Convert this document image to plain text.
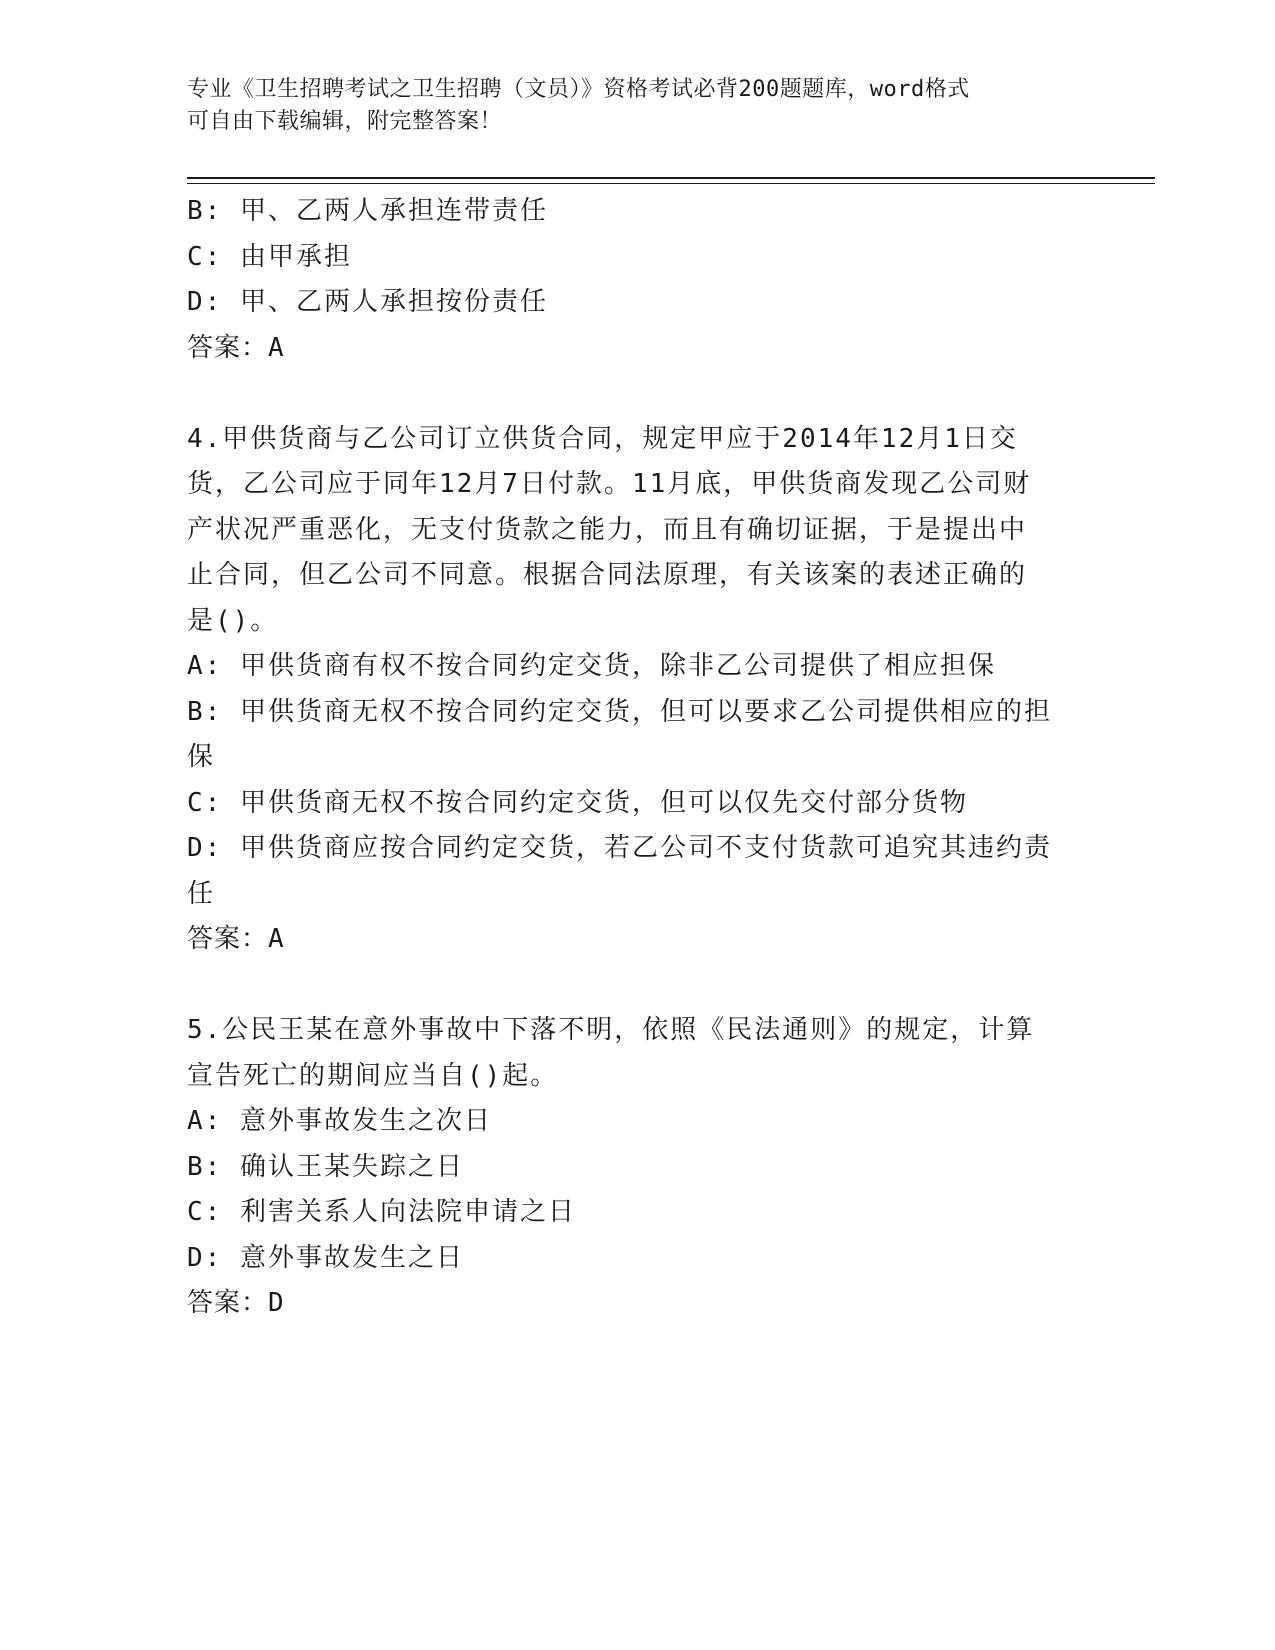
专业《卫生招聘考试之卫生招聘（文员）》资格考试必背200题题库，word格式
可自由下载编辑，附完整答案！
B: 甲、乙两人承担连带责任
C: 由甲承担
D: 甲、乙两人承担按份责任
答案：A
4.甲供货商与乙公司订立供货合同，规定甲应于2014年12月1日交
货，乙公司应于同年12月7日付款。11月底，甲供货商发现乙公司财
产状况严重恶化，无支付货款之能力，而且有确切证据，于是提出中
止合同，但乙公司不同意。根据合同法原理，有关该案的表述正确的
是()。
A: 甲供货商有权不按合同约定交货，除非乙公司提供了相应担保
B: 甲供货商无权不按合同约定交货，但可以要求乙公司提供相应的担
保
C: 甲供货商无权不按合同约定交货，但可以仅先交付部分货物
D: 甲供货商应按合同约定交货，若乙公司不支付货款可追究其违约责
任
答案：A
5.公民王某在意外事故中下落不明，依照《民法通则》的规定，计算
宣告死亡的期间应当自()起。
A: 意外事故发生之次日
B: 确认王某失踪之日
C: 利害关系人向法院申请之日
D: 意外事故发生之日
答案：D
